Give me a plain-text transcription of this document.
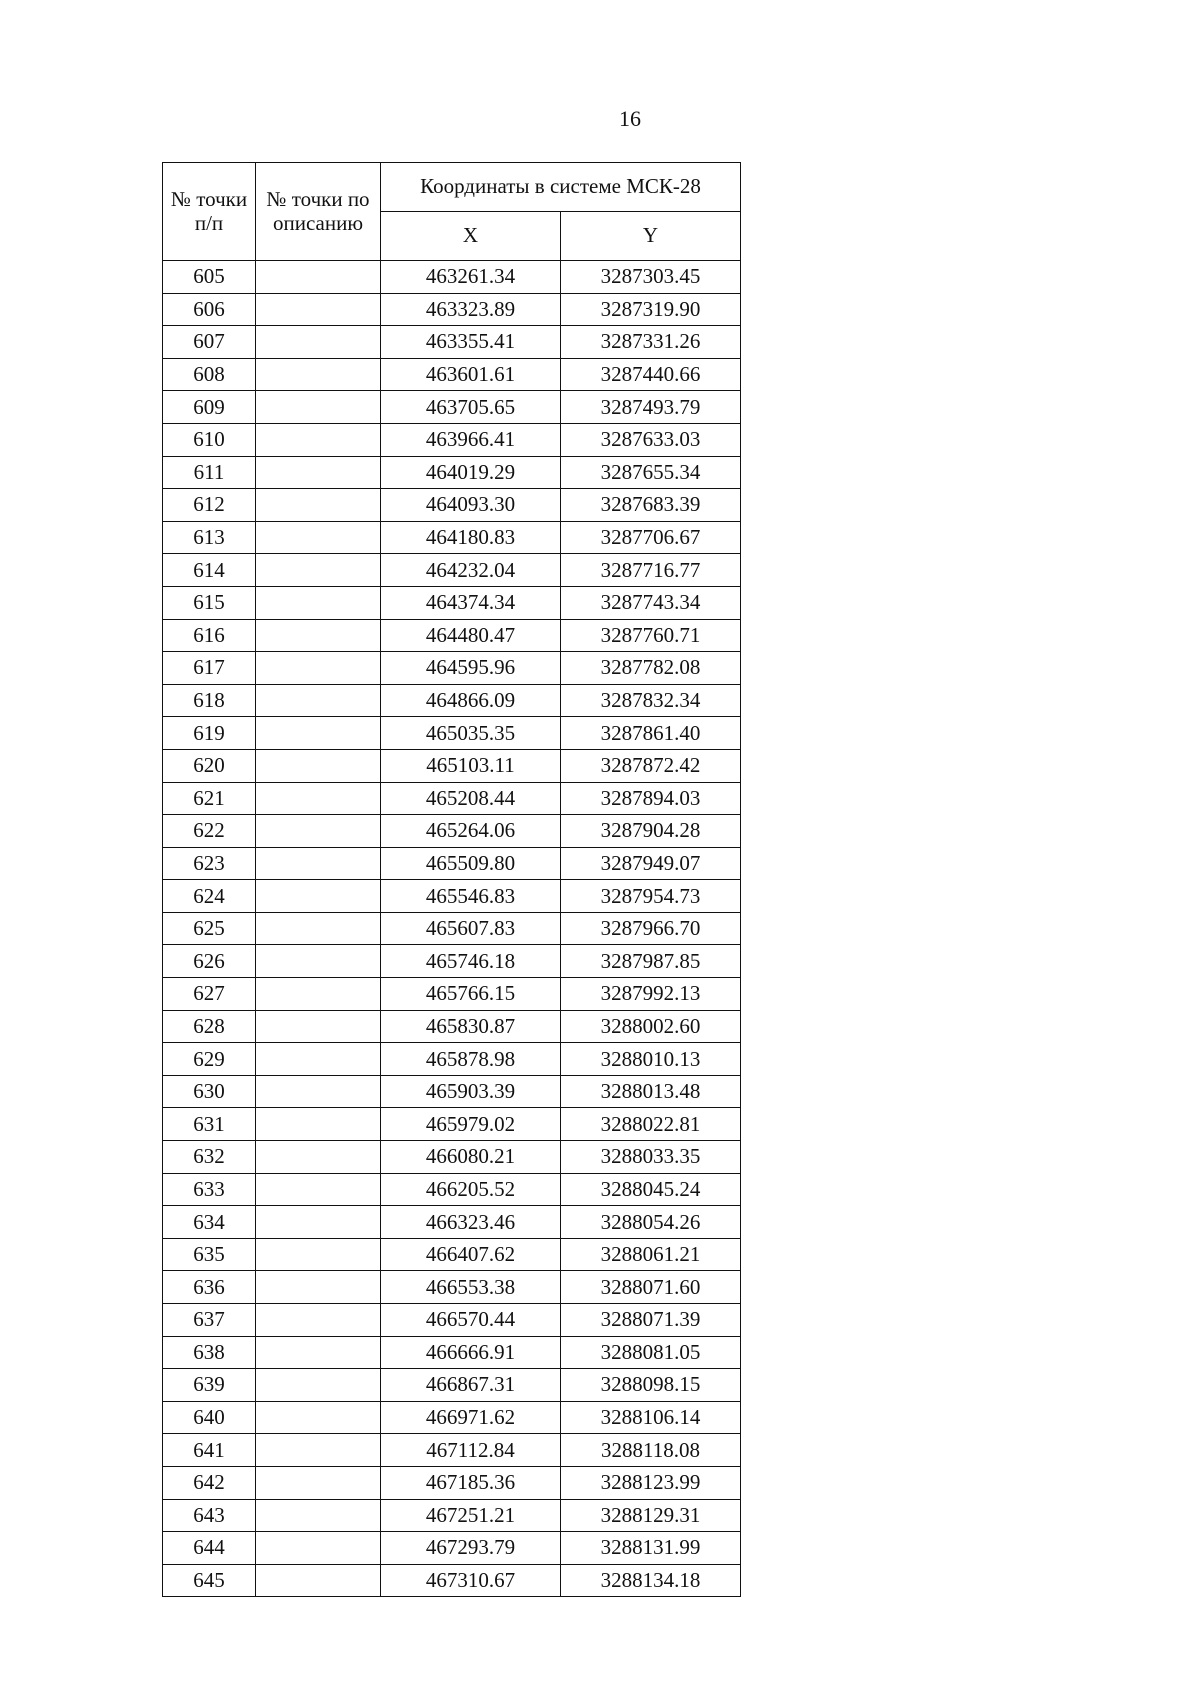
16
№ точки п/п	№ точки по описанию	Координаты в системе МСК-28	
		X	Y
605		463261.34	3287303.45
606		463323.89	3287319.90
607		463355.41	3287331.26
608		463601.61	3287440.66
609		463705.65	3287493.79
610		463966.41	3287633.03
611		464019.29	3287655.34
612		464093.30	3287683.39
613		464180.83	3287706.67
614		464232.04	3287716.77
615		464374.34	3287743.34
616		464480.47	3287760.71
617		464595.96	3287782.08
618		464866.09	3287832.34
619		465035.35	3287861.40
620		465103.11	3287872.42
621		465208.44	3287894.03
622		465264.06	3287904.28
623		465509.80	3287949.07
624		465546.83	3287954.73
625		465607.83	3287966.70
626		465746.18	3287987.85
627		465766.15	3287992.13
628		465830.87	3288002.60
629		465878.98	3288010.13
630		465903.39	3288013.48
631		465979.02	3288022.81
632		466080.21	3288033.35
633		466205.52	3288045.24
634		466323.46	3288054.26
635		466407.62	3288061.21
636		466553.38	3288071.60
637		466570.44	3288071.39
638		466666.91	3288081.05
639		466867.31	3288098.15
640		466971.62	3288106.14
641		467112.84	3288118.08
642		467185.36	3288123.99
643		467251.21	3288129.31
644		467293.79	3288131.99
645		467310.67	3288134.18
